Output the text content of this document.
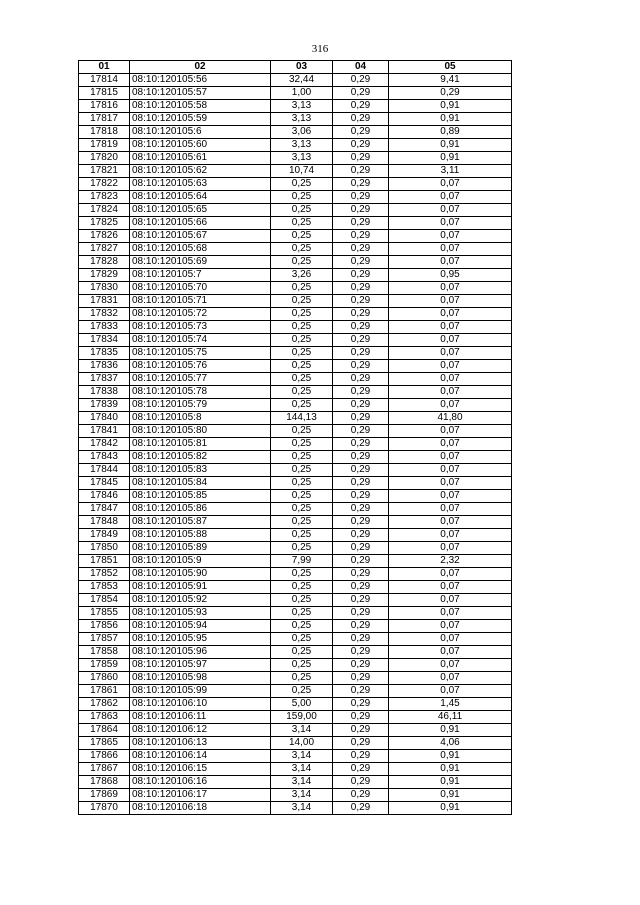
316
01	02	03	04	05
17814	08:10:120105:56	32,44	0,29	9,41
17815	08:10:120105:57	1,00	0,29	0,29
17816	08:10:120105:58	3,13	0,29	0,91
17817	08:10:120105:59	3,13	0,29	0,91
17818	08:10:120105:6	3,06	0,29	0,89
17819	08:10:120105:60	3,13	0,29	0,91
17820	08:10:120105:61	3,13	0,29	0,91
17821	08:10:120105:62	10,74	0,29	3,11
17822	08:10:120105:63	0,25	0,29	0,07
17823	08:10:120105:64	0,25	0,29	0,07
17824	08:10:120105:65	0,25	0,29	0,07
17825	08:10:120105:66	0,25	0,29	0,07
17826	08:10:120105:67	0,25	0,29	0,07
17827	08:10:120105:68	0,25	0,29	0,07
17828	08:10:120105:69	0,25	0,29	0,07
17829	08:10:120105:7	3,26	0,29	0,95
17830	08:10:120105:70	0,25	0,29	0,07
17831	08:10:120105:71	0,25	0,29	0,07
17832	08:10:120105:72	0,25	0,29	0,07
17833	08:10:120105:73	0,25	0,29	0,07
17834	08:10:120105:74	0,25	0,29	0,07
17835	08:10:120105:75	0,25	0,29	0,07
17836	08:10:120105:76	0,25	0,29	0,07
17837	08:10:120105:77	0,25	0,29	0,07
17838	08:10:120105:78	0,25	0,29	0,07
17839	08:10:120105:79	0,25	0,29	0,07
17840	08:10:120105:8	144,13	0,29	41,80
17841	08:10:120105:80	0,25	0,29	0,07
17842	08:10:120105:81	0,25	0,29	0,07
17843	08:10:120105:82	0,25	0,29	0,07
17844	08:10:120105:83	0,25	0,29	0,07
17845	08:10:120105:84	0,25	0,29	0,07
17846	08:10:120105:85	0,25	0,29	0,07
17847	08:10:120105:86	0,25	0,29	0,07
17848	08:10:120105:87	0,25	0,29	0,07
17849	08:10:120105:88	0,25	0,29	0,07
17850	08:10:120105:89	0,25	0,29	0,07
17851	08:10:120105:9	7,99	0,29	2,32
17852	08:10:120105:90	0,25	0,29	0,07
17853	08:10:120105:91	0,25	0,29	0,07
17854	08:10:120105:92	0,25	0,29	0,07
17855	08:10:120105:93	0,25	0,29	0,07
17856	08:10:120105:94	0,25	0,29	0,07
17857	08:10:120105:95	0,25	0,29	0,07
17858	08:10:120105:96	0,25	0,29	0,07
17859	08:10:120105:97	0,25	0,29	0,07
17860	08:10:120105:98	0,25	0,29	0,07
17861	08:10:120105:99	0,25	0,29	0,07
17862	08:10:120106:10	5,00	0,29	1,45
17863	08:10:120106:11	159,00	0,29	46,11
17864	08:10:120106:12	3,14	0,29	0,91
17865	08:10:120106:13	14,00	0,29	4,06
17866	08:10:120106:14	3,14	0,29	0,91
17867	08:10:120106:15	3,14	0,29	0,91
17868	08:10:120106:16	3,14	0,29	0,91
17869	08:10:120106:17	3,14	0,29	0,91
17870	08:10:120106:18	3,14	0,29	0,91
